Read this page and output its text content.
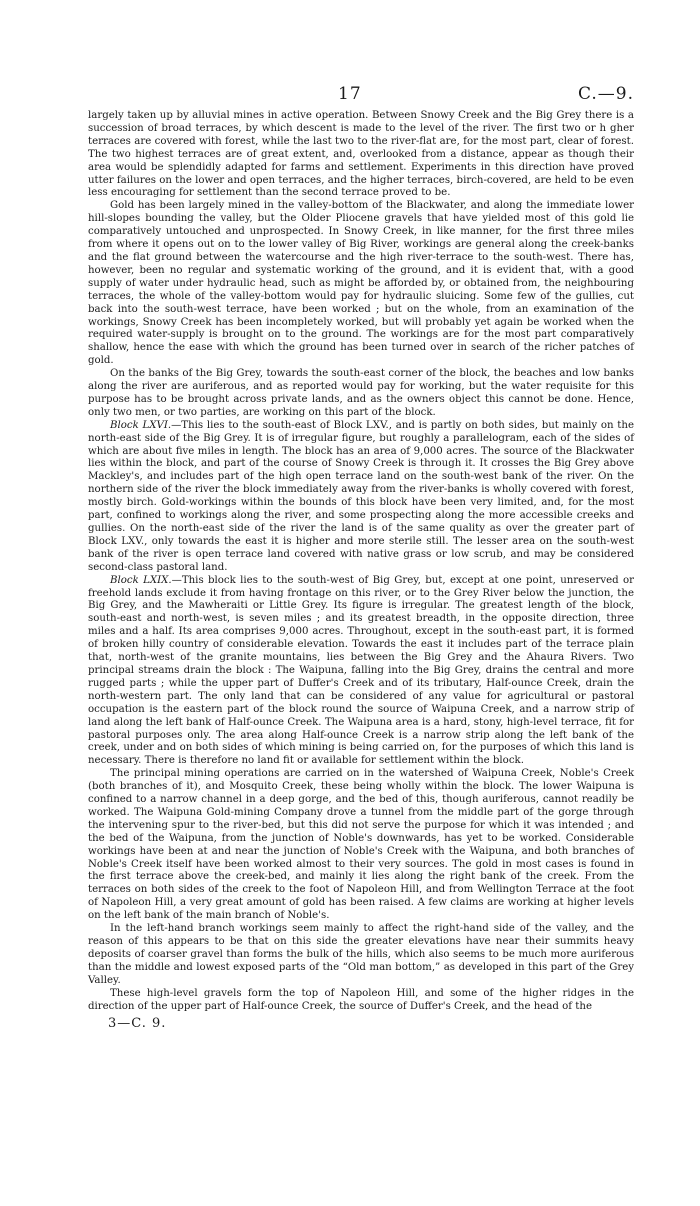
17	C.—9.

largely taken up by alluvial mines in active operation. Between Snowy Creek and the Big Grey there is a succession of broad terraces, by which descent is made to the level of the river. The first two or h gher terraces are covered with forest, while the last two to the river-flat are, for the most part, clear of forest. The two highest terraces are of great extent, and, overlooked from a distance, appear as though their area would be splendidly adapted for farms and settlement. Experiments in this direction have proved utter failures on the lower and open terraces, and the higher terraces, birch-covered, are held to be even less encouraging for settlement than the second terrace proved to be.

Gold has been largely mined in the valley-bottom of the Blackwater, and along the immediate lower hill-slopes bounding the valley, but the Older Pliocene gravels that have yielded most of this gold lie comparatively untouched and unprospected. In Snowy Creek, in like manner, for the first three miles from where it opens out on to the lower valley of Big River, workings are general along the creek-banks and the flat ground between the watercourse and the high river-terrace to the south-west. There has, however, been no regular and systematic working of the ground, and it is evident that, with a good supply of water under hydraulic head, such as might be afforded by, or obtained from, the neighbouring terraces, the whole of the valley-bottom would pay for hydraulic sluicing. Some few of the gullies, cut back into the south-west terrace, have been worked ; but on the whole, from an examination of the workings, Snowy Creek has been incompletely worked, but will probably yet again be worked when the required water-supply is brought on to the ground. The workings are for the most part comparatively shallow, hence the ease with which the ground has been turned over in search of the richer patches of gold.

On the banks of the Big Grey, towards the south-east corner of the block, the beaches and low banks along the river are auriferous, and as reported would pay for working, but the water requisite for this purpose has to be brought across private lands, and as the owners object this cannot be done. Hence, only two men, or two parties, are working on this part of the block.

Block LXVI.—This lies to the south-east of Block LXV., and is partly on both sides, but mainly on the north-east side of the Big Grey. It is of irregular figure, but roughly a parallelogram, each of the sides of which are about five miles in length. The block has an area of 9,000 acres. The source of the Blackwater lies within the block, and part of the course of Snowy Creek is through it. It crosses the Big Grey above Mackley's, and includes part of the high open terrace land on the south-west bank of the river. On the northern side of the river the block immediately away from the river-banks is wholly covered with forest, mostly birch. Gold-workings within the bounds of this block have been very limited, and, for the most part, confined to workings along the river, and some prospecting along the more accessible creeks and gullies. On the north-east side of the river the land is of the same quality as over the greater part of Block LXV., only towards the east it is higher and more sterile still. The lesser area on the south-west bank of the river is open terrace land covered with native grass or low scrub, and may be considered second-class pastoral land.

Block LXIX.—This block lies to the south-west of Big Grey, but, except at one point, unreserved or freehold lands exclude it from having frontage on this river, or to the Grey River below the junction, the Big Grey, and the Mawheraiti or Little Grey. Its figure is irregular. The greatest length of the block, south-east and north-west, is seven miles ; and its greatest breadth, in the opposite direction, three miles and a half. Its area comprises 9,000 acres. Throughout, except in the south-east part, it is formed of broken hilly country of considerable elevation. Towards the east it includes part of the terrace plain that, north-west of the granite mountains, lies between the Big Grey and the Ahaura Rivers. Two principal streams drain the block : The Waipuna, falling into the Big Grey, drains the central and more rugged parts ; while the upper part of Duffer's Creek and of its tributary, Half-ounce Creek, drain the north-western part. The only land that can be considered of any value for agricultural or pastoral occupation is the eastern part of the block round the source of Waipuna Creek, and a narrow strip of land along the left bank of Half-ounce Creek. The Waipuna area is a hard, stony, high-level terrace, fit for pastoral purposes only. The area along Half-ounce Creek is a narrow strip along the left bank of the creek, under and on both sides of which mining is being carried on, for the purposes of which this land is necessary. There is therefore no land fit or available for settlement within the block.

The principal mining operations are carried on in the watershed of Waipuna Creek, Noble's Creek (both branches of it), and Mosquito Creek, these being wholly within the block. The lower Waipuna is confined to a narrow channel in a deep gorge, and the bed of this, though auriferous, cannot readily be worked. The Waipuna Gold-mining Company drove a tunnel from the middle part of the gorge through the intervening spur to the river-bed, but this did not serve the purpose for which it was intended ; and the bed of the Waipuna, from the junction of Noble's downwards, has yet to be worked. Considerable workings have been at and near the junction of Noble's Creek with the Waipuna, and both branches of Noble's Creek itself have been worked almost to their very sources. The gold in most cases is found in the first terrace above the creek-bed, and mainly it lies along the right bank of the creek. From the terraces on both sides of the creek to the foot of Napoleon Hill, and from Wellington Terrace at the foot of Napoleon Hill, a very great amount of gold has been raised. A few claims are working at higher levels on the left bank of the main branch of Noble's.

In the left-hand branch workings seem mainly to affect the right-hand side of the valley, and the reason of this appears to be that on this side the greater elevations have near their summits heavy deposits of coarser gravel than forms the bulk of the hills, which also seems to be much more auriferous than the middle and lowest exposed parts of the “Old man bottom,” as developed in this part of the Grey Valley.

These high-level gravels form the top of Napoleon Hill, and some of the higher ridges in the direction of the upper part of Half-ounce Creek, the source of Duffer's Creek, and the head of the

3—C. 9.
